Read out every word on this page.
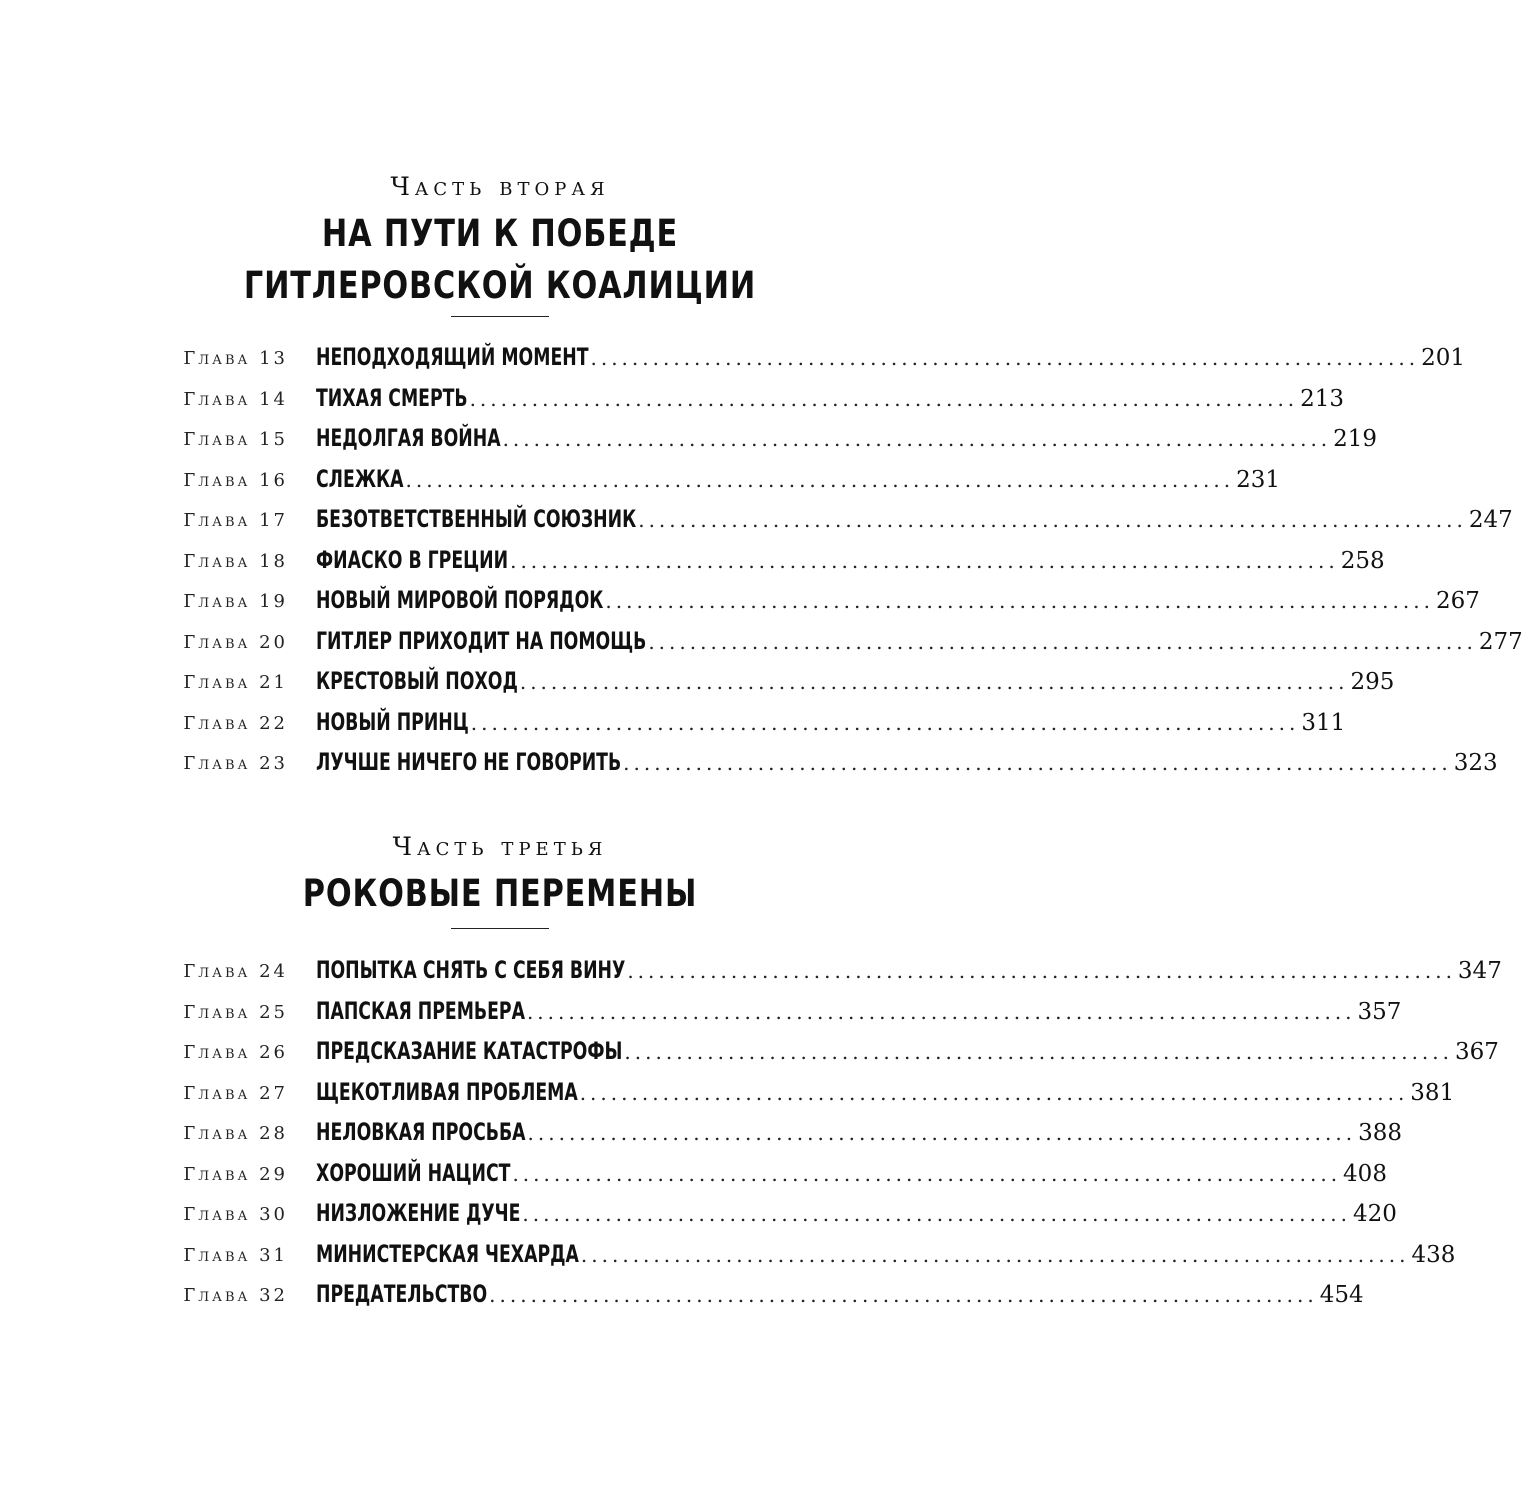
Часть вторая
НА ПУТИ К ПОБЕДЕ
ГИТЛЕРОВСКОЙ КОАЛИЦИИ
Глава 13 НЕПОДХОДЯЩИЙ МОМЕНТ ................................................................................ 201
Глава 14 ТИХАЯ СМЕРТЬ ................................................................................ 213
Глава 15 НЕДОЛГАЯ ВОЙНА ................................................................................ 219
Глава 16 СЛЕЖКА ................................................................................ 231
Глава 17 БЕЗОТВЕТСТВЕННЫЙ СОЮЗНИК ................................................................................ 247
Глава 18 ФИАСКО В ГРЕЦИИ ................................................................................ 258
Глава 19 НОВЫЙ МИРОВОЙ ПОРЯДОК ................................................................................ 267
Глава 20 ГИТЛЕР ПРИХОДИТ НА ПОМОЩЬ ................................................................................ 277
Глава 21 КРЕСТОВЫЙ ПОХОД ................................................................................ 295
Глава 22 НОВЫЙ ПРИНЦ ................................................................................ 311
Глава 23 ЛУЧШЕ НИЧЕГО НЕ ГОВОРИТЬ ................................................................................ 323
Часть третья
РОКОВЫЕ ПЕРЕМЕНЫ
Глава 24 ПОПЫТКА СНЯТЬ С СЕБЯ ВИНУ ................................................................................ 347
Глава 25 ПАПСКАЯ ПРЕМЬЕРА ................................................................................ 357
Глава 26 ПРЕДСКАЗАНИЕ КАТАСТРОФЫ ................................................................................ 367
Глава 27 ЩЕКОТЛИВАЯ ПРОБЛЕМА ................................................................................ 381
Глава 28 НЕЛОВКАЯ ПРОСЬБА ................................................................................ 388
Глава 29 ХОРОШИЙ НАЦИСТ ................................................................................ 408
Глава 30 НИЗЛОЖЕНИЕ ДУЧЕ ................................................................................ 420
Глава 31 МИНИСТЕРСКАЯ ЧЕХАРДА ................................................................................ 438
Глава 32 ПРЕДАТЕЛЬСТВО ................................................................................ 454
